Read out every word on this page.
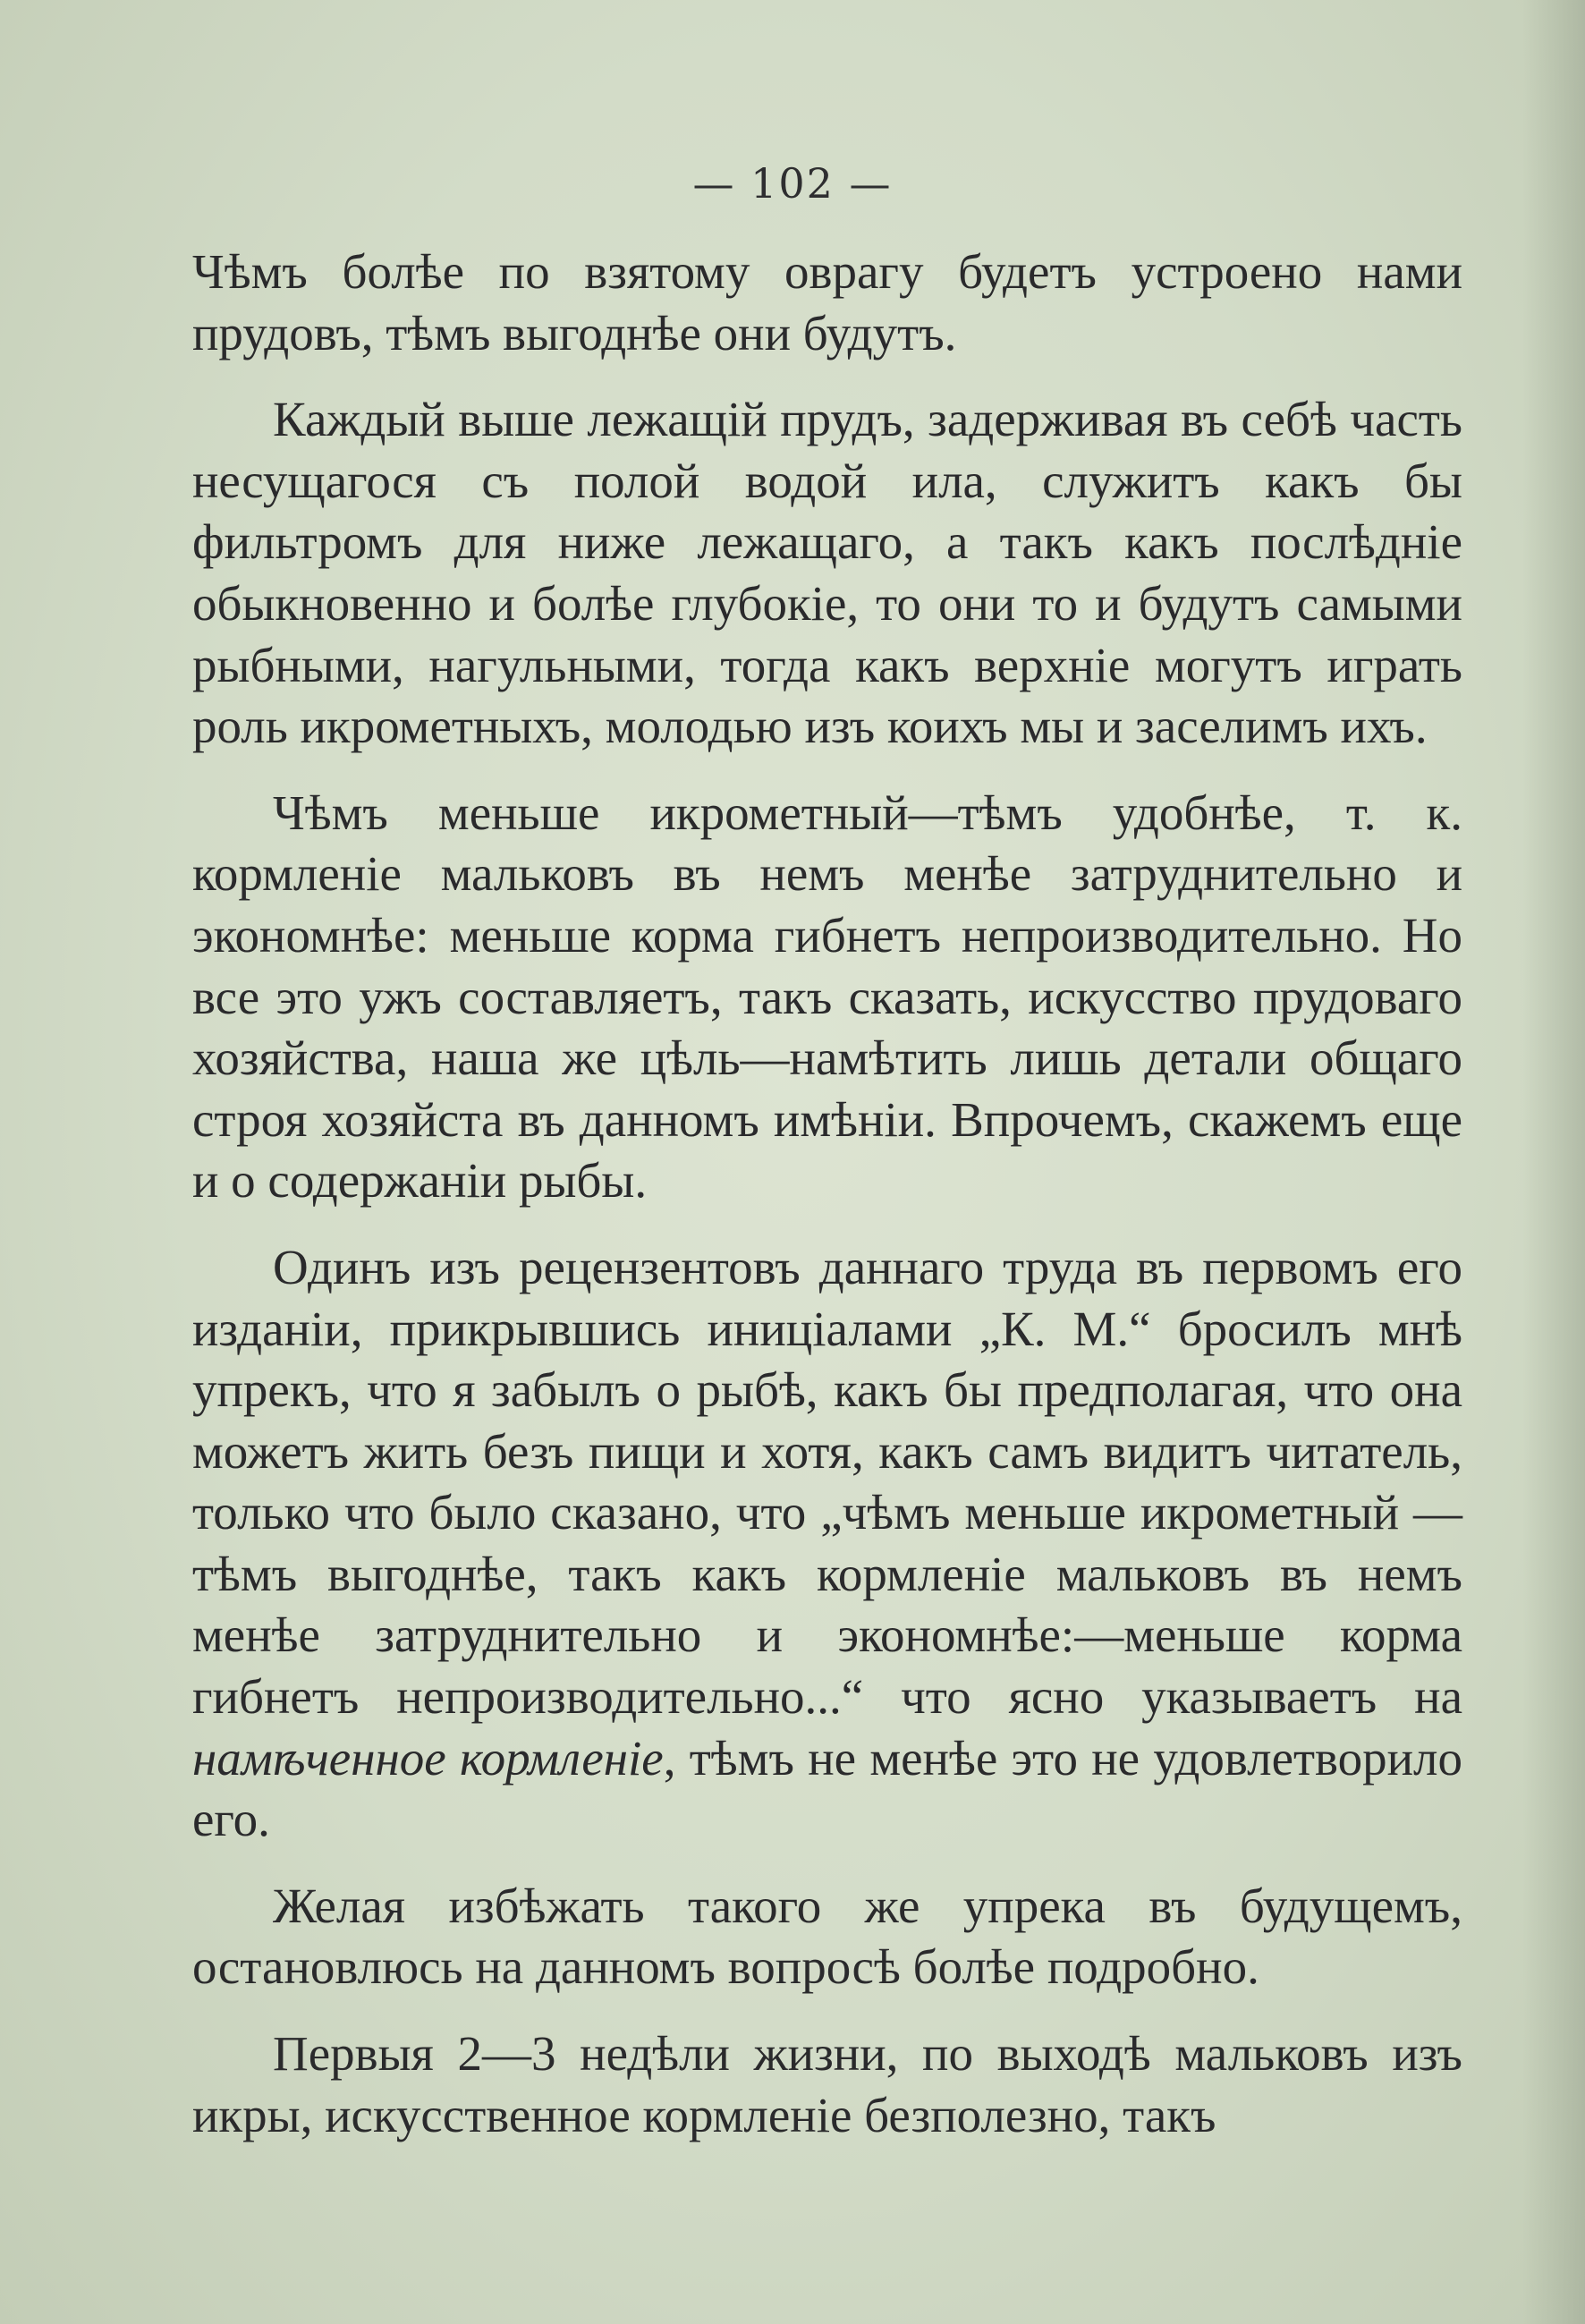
— 102 —

Чѣмъ болѣе по взятому оврагу будетъ устроено нами прудовъ, тѣмъ выгоднѣе они будутъ.

Каждый выше лежащій прудъ, задерживая въ себѣ часть несущагося съ полой водой ила, служитъ какъ бы фильтромъ для ниже лежащаго, а такъ какъ послѣдніе обыкновенно и болѣе глубокіе, то они то и будутъ самыми рыбными, нагульными, тогда какъ верхніе могутъ играть роль икрометныхъ, молодью изъ коихъ мы и заселимъ ихъ.

Чѣмъ меньше икрометный—тѣмъ удобнѣе, т. к. кормленіе мальковъ въ немъ менѣе затруднительно и экономнѣе: меньше корма гибнетъ непроизводительно. Но все это ужъ составляетъ, такъ сказать, искусство прудоваго хозяйства, наша же цѣль—намѣтить лишь детали общаго строя хозяйста въ данномъ имѣніи. Впрочемъ, скажемъ еще и о содержаніи рыбы.

Одинъ изъ рецензентовъ даннаго труда въ первомъ его изданіи, прикрывшись иниціалами „К. М.“ бросилъ мнѣ упрекъ, что я забылъ о рыбѣ, какъ бы предполагая, что она можетъ жить безъ пищи и хотя, какъ самъ видитъ читатель, только что было сказано, что „чѣмъ меньше икрометный — тѣмъ выгоднѣе, такъ какъ кормленіе мальковъ въ немъ менѣе затруднительно и экономнѣе:—меньше корма гибнетъ непроизводительно...“ что ясно указываетъ на намѣченное кормленіе, тѣмъ не менѣе это не удовлетворило его.

Желая избѣжать такого же упрека въ будущемъ, остановлюсь на данномъ вопросѣ болѣе подробно.

Первыя 2—3 недѣли жизни, по выходѣ мальковъ изъ икры, искусственное кормленіе безполезно, такъ
